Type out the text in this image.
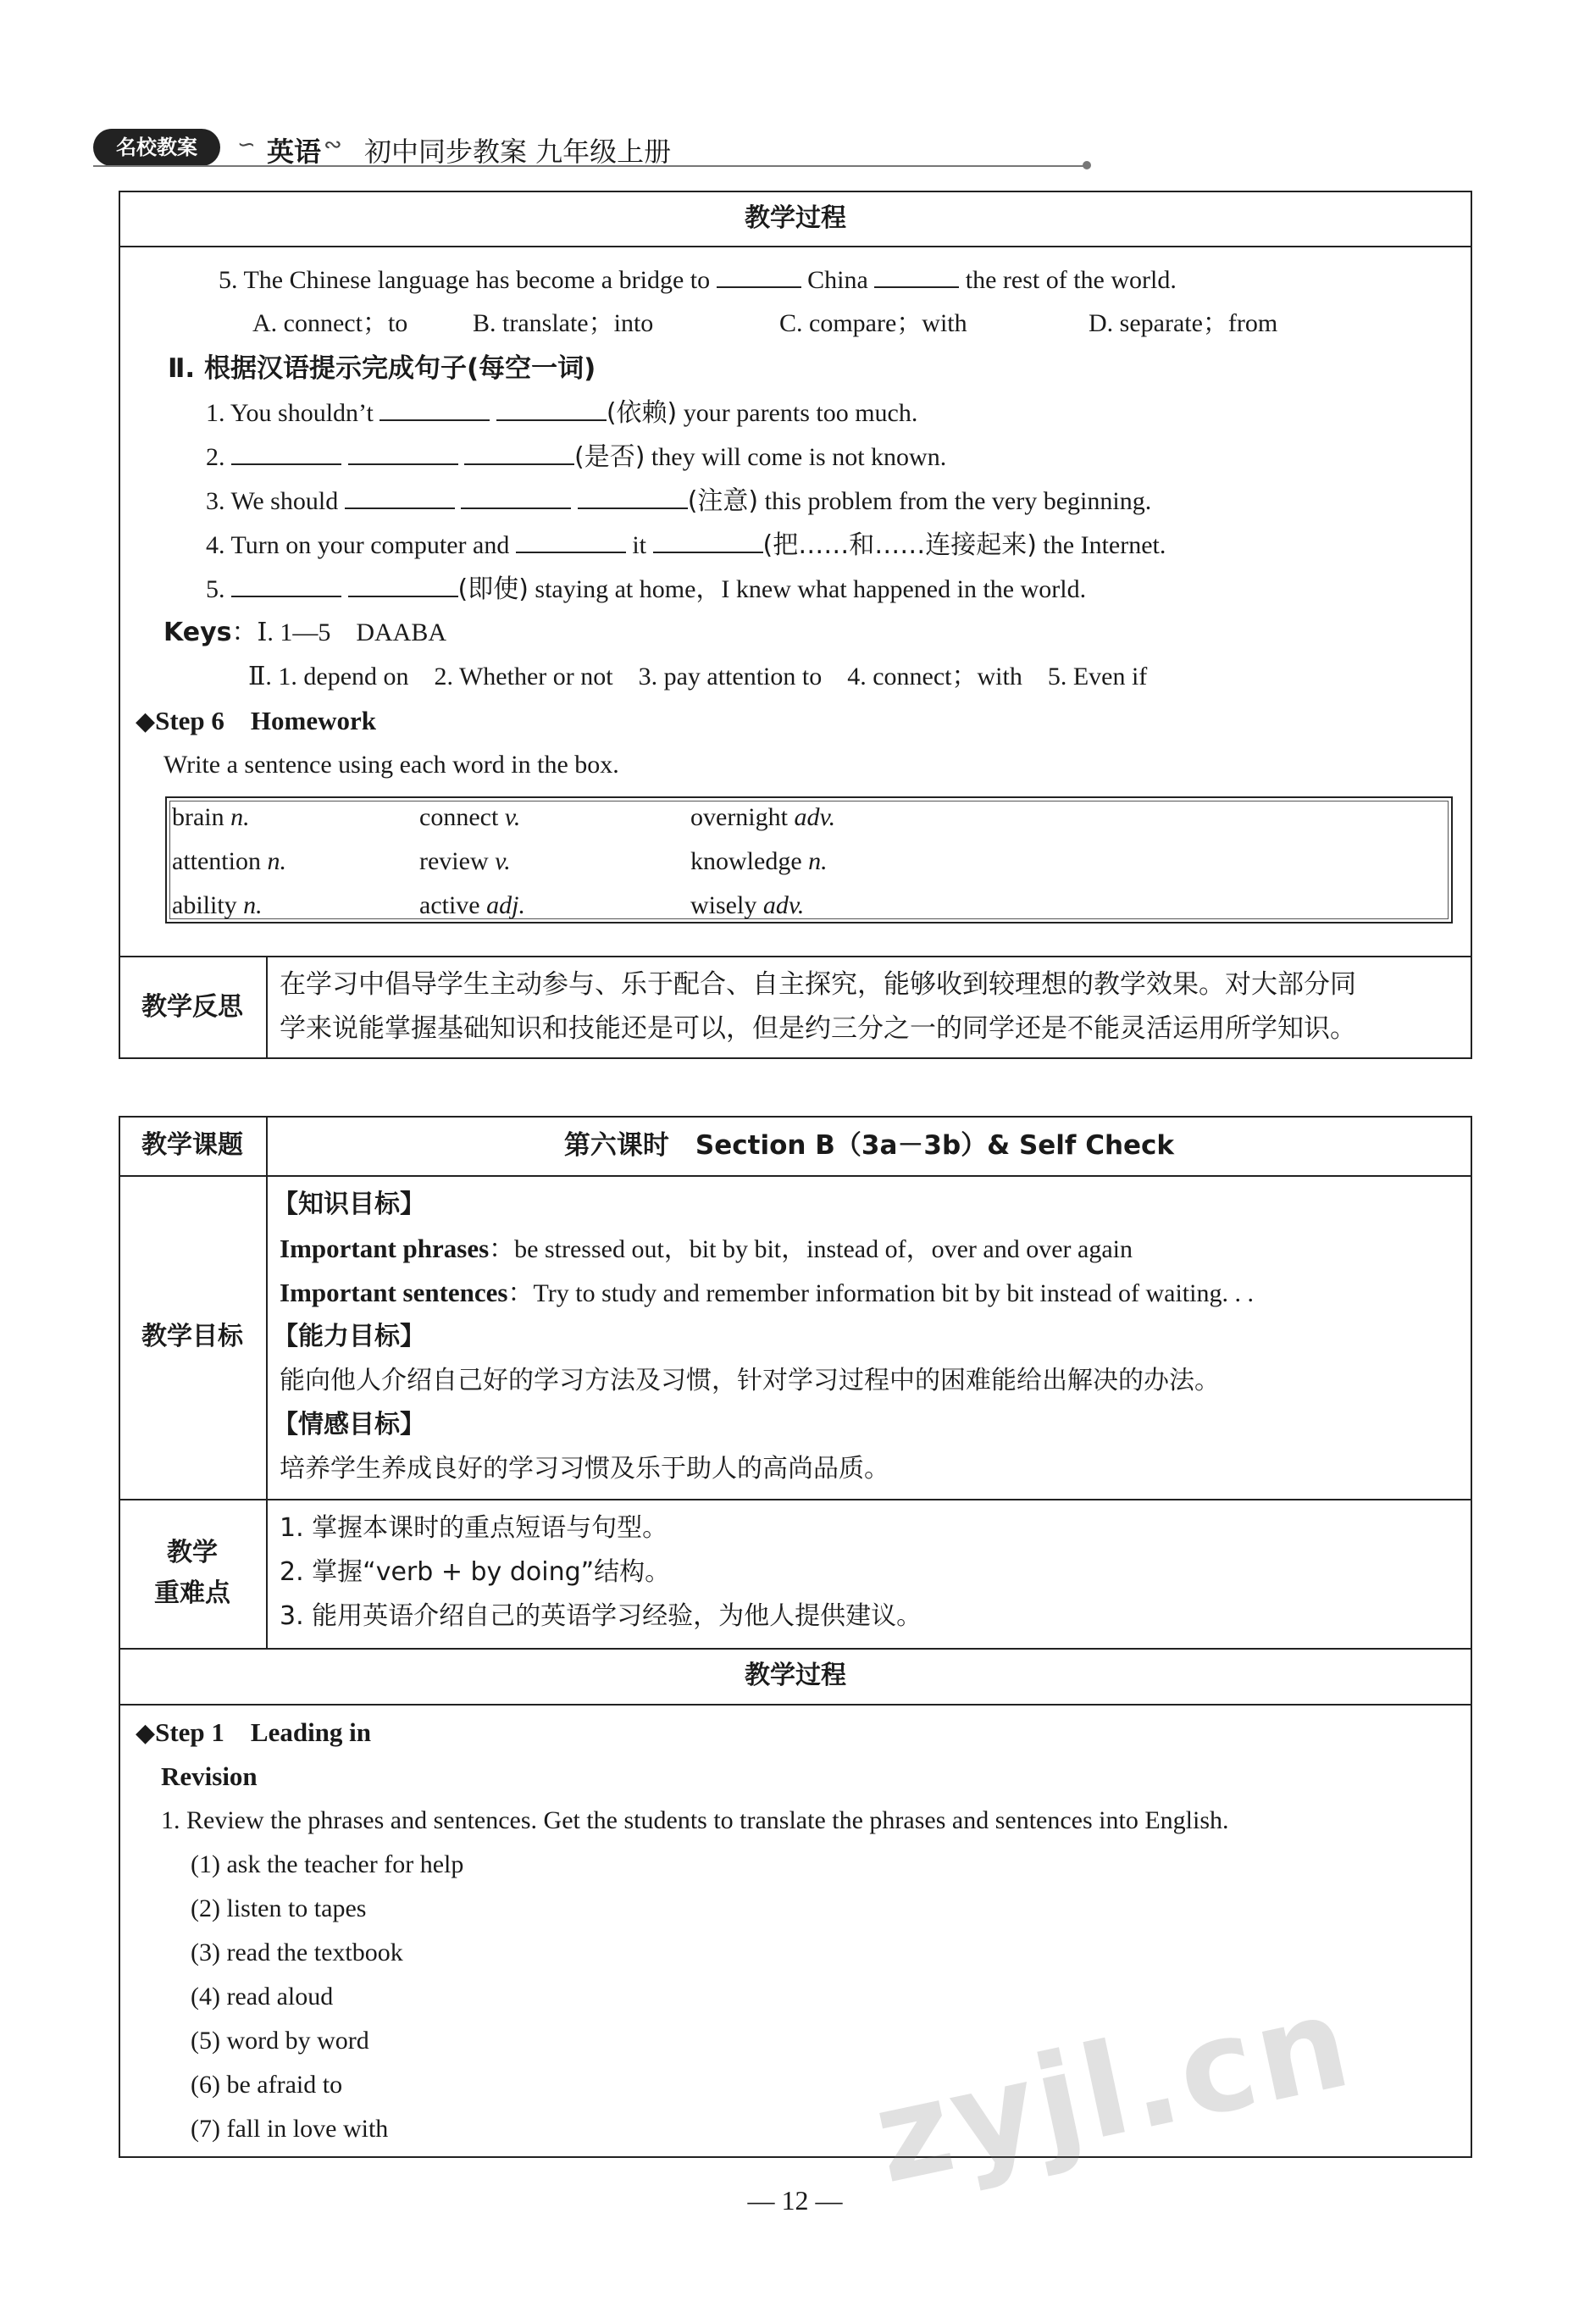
名校教案	∽ 英语 ∾ 初中同步教案 九年级上册
教学过程
5. The Chinese language has become a bridge to	China	the rest of the world.
A. connect；to	B. translate；into	C. compare；with	D. separate；from
Ⅱ. 根据汉语提示完成句子(每空一词)
1. You shouldn’t	(依赖) your parents too much.
2.	(是否) they will come is not known.
3. We should	(注意) this problem from the very beginning.
4. Turn on your computer and	it	(把……和……连接起来) the Internet.
5.	(即使) staying at home，I knew what happened in the world.
Keys：Ⅰ. 1—5　DAABA
Ⅱ. 1. depend on　2. Whether or not　3. pay attention to　4. connect；with　5. Even if
◆Step 6　Homework
Write a sentence using each word in the box.
brain n.	connect v.	overnight adv.
attention n.	review v.	knowledge n.
ability n.	active adj.	wisely adv.
教学反思
在学习中倡导学生主动参与、乐于配合、自主探究，能够收到较理想的教学效果。对大部分同
学来说能掌握基础知识和技能还是可以，但是约三分之一的同学还是不能灵活运用所学知识。
教学课题	第六课时　Section B（3a－3b）& Self Check
教学目标
【知识目标】
Important phrases：be stressed out，bit by bit，instead of，over and over again
Important sentences：Try to study and remember information bit by bit instead of waiting. . .
【能力目标】
能向他人介绍自己好的学习方法及习惯，针对学习过程中的困难能给出解决的办法。
【情感目标】
培养学生养成良好的学习习惯及乐于助人的高尚品质。
教学
重难点
1. 掌握本课时的重点短语与句型。
2. 掌握“verb + by doing”结构。
3. 能用英语介绍自己的英语学习经验，为他人提供建议。
教学过程
◆Step 1　Leading in
Revision
1. Review the phrases and sentences. Get the students to translate the phrases and sentences into English.
(1) ask the teacher for help
(2) listen to tapes
(3) read the textbook
(4) read aloud
(5) word by word
(6) be afraid to
(7) fall in love with	zyjl.cn
— 12 —
